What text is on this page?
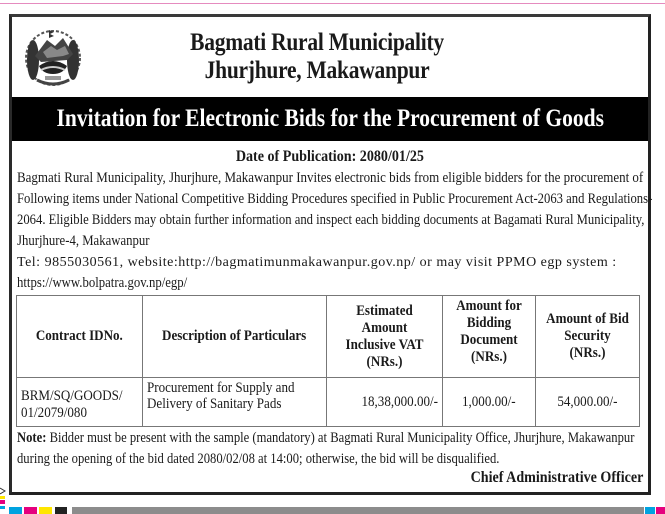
Bagmati Rural Municipality
Jhurjhure, Makawanpur
Invitation for Electronic Bids for the Procurement of Goods
Date of Publication: 2080/01/25
Bagmati Rural Municipality, Jhurjhure, Makawanpur Invites electronic bids from eligible bidders for the procurement of
Following items under National Competitive Bidding Procedures specified in Public Procurement Act-2063 and Regulations-
2064. Eligible Bidders may obtain further information and inspect each bidding documents at Bagamati Rural Municipality,
Jhurjhure-4, Makawanpur
Tel: 9855030561, website:http://bagmatimunmakawanpur.gov.np/ or may visit PPMO egp system :
https://www.bolpatra.gov.np/egp/
Contract IDNo.	Description of Particulars	Estimated Amount Inclusive VAT (NRs.)	Amount for Bidding Document (NRs.)	Amount of Bid Security (NRs.)
BRM/SQ/GOODS/01/2079/080	Procurement for Supply and Delivery of Sanitary Pads	18,38,000.00/-	1,000.00/-	54,000.00/-
Note: Bidder must be present with the sample (mandatory) at Bagmati Rural Municipality Office, Jhurjhure, Makawanpur
during the opening of the bid dated 2080/02/08 at 14:00; otherwise, the bid will be disqualified.
Chief Administrative Officer
